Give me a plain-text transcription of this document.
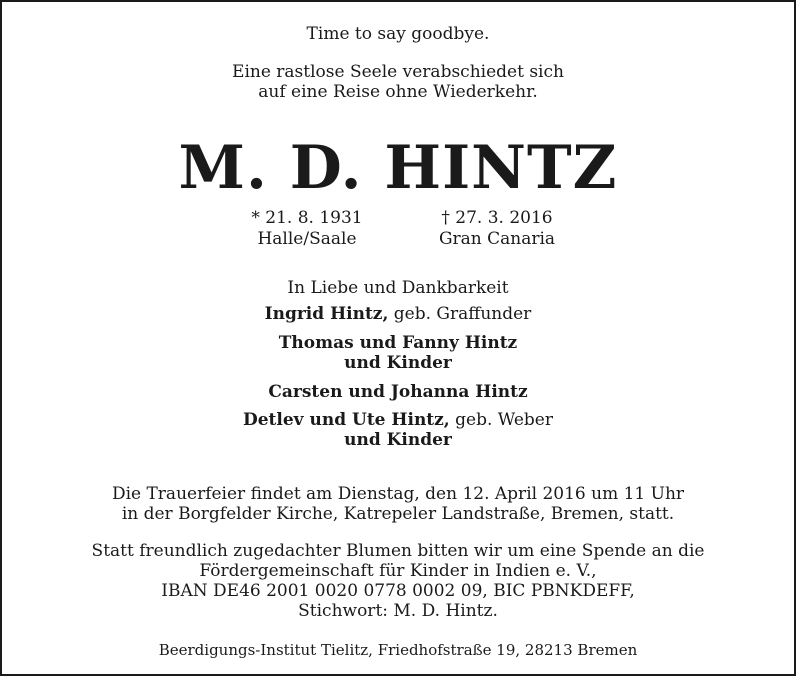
Time to say goodbye.
Eine rastlose Seele verabschiedet sich
auf eine Reise ohne Wiederkehr.
M. D. HINTZ
* 21. 8. 1931
Halle/Saale
† 27. 3. 2016
Gran Canaria
In Liebe und Dankbarkeit
Ingrid Hintz, geb. Graffunder
Thomas und Fanny Hintz
und Kinder
Carsten und Johanna Hintz
Detlev und Ute Hintz, geb. Weber
und Kinder
Die Trauerfeier findet am Dienstag, den 12. April 2016 um 11 Uhr
in der Borgfelder Kirche, Katrepeler Landstraße, Bremen, statt.
Statt freundlich zugedachter Blumen bitten wir um eine Spende an die
Fördergemeinschaft für Kinder in Indien e. V.,
IBAN DE46 2001 0020 0778 0002 09, BIC PBNKDEFF,
Stichwort: M. D. Hintz.
Beerdigungs-Institut Tielitz, Friedhofstraße 19, 28213 Bremen
